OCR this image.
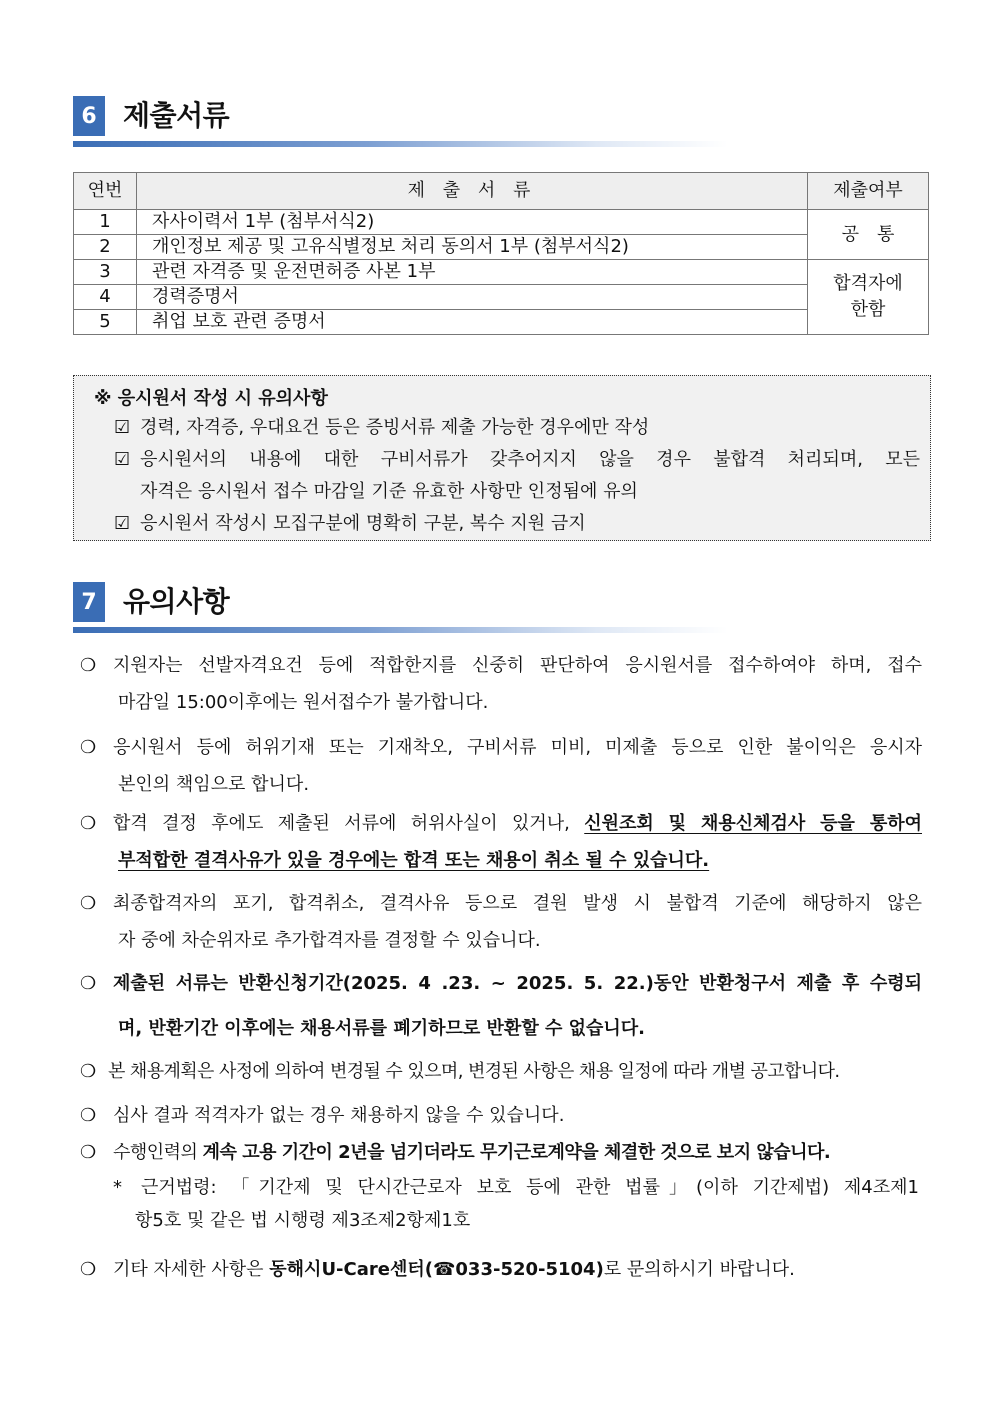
6 제출서류
연번	제 출 서 류	제출여부
1	자사이력서 1부 (첨부서식2)	공　통
2	개인정보 제공 및 고유식별정보 처리 동의서 1부 (첨부서식2)	
3	관련 자격증 및 운전면허증 사본 1부	합격자에
한함

4	경력증명서	
5	취업 보호 관련 증명서	
※ 응시원서 작성 시 유의사항
☑ 경력, 자격증, 우대요건 등은 증빙서류 제출 가능한 경우에만 작성
☑ 응시원서의 내용에 대한 구비서류가 갖추어지지 않을 경우 불합격 처리되며, 모든
자격은 응시원서 접수 마감일 기준 유효한 사항만 인정됨에 유의
☑ 응시원서 작성시 모집구분에 명확히 구분, 복수 지원 금지
7 유의사항
❍ 지원자는 선발자격요건 등에 적합한지를 신중히 판단하여 응시원서를 접수하여야 하며, 접수
마감일 15:00이후에는 원서접수가 불가합니다.
❍ 응시원서 등에 허위기재 또는 기재착오, 구비서류 미비, 미제출 등으로 인한 불이익은 응시자
본인의 책임으로 합니다.
❍ 합격 결정 후에도 제출된 서류에 허위사실이 있거나, 신원조회 및 채용신체검사 등을 통하여
부적합한 결격사유가 있을 경우에는 합격 또는 채용이 취소 될 수 있습니다.
❍ 최종합격자의 포기, 합격취소, 결격사유 등으로 결원 발생 시 불합격 기준에 해당하지 않은
자 중에 차순위자로 추가합격자를 결정할 수 있습니다.
❍ 제출된 서류는 반환신청기간(2025. 4 .23. ~ 2025. 5. 22.)동안 반환청구서 제출 후 수령되
며, 반환기간 이후에는 채용서류를 폐기하므로 반환할 수 없습니다.
❍ 본 채용계획은 사정에 의하여 변경될 수 있으며, 변경된 사항은 채용 일정에 따라 개별 공고합니다.
❍ 심사 결과 적격자가 없는 경우 채용하지 않을 수 있습니다.
❍ 수행인력의 계속 고용 기간이 2년을 넘기더라도 무기근로계약을 체결한 것으로 보지 않습니다.
* 근거법령: 「기간제 및 단시간근로자 보호 등에 관한 법률」(이하 기간제법) 제4조제1
항5호 및 같은 법 시행령 제3조제2항제1호
❍ 기타 자세한 사항은 동해시U-Care센터(☎033-520-5104)로 문의하시기 바랍니다.
